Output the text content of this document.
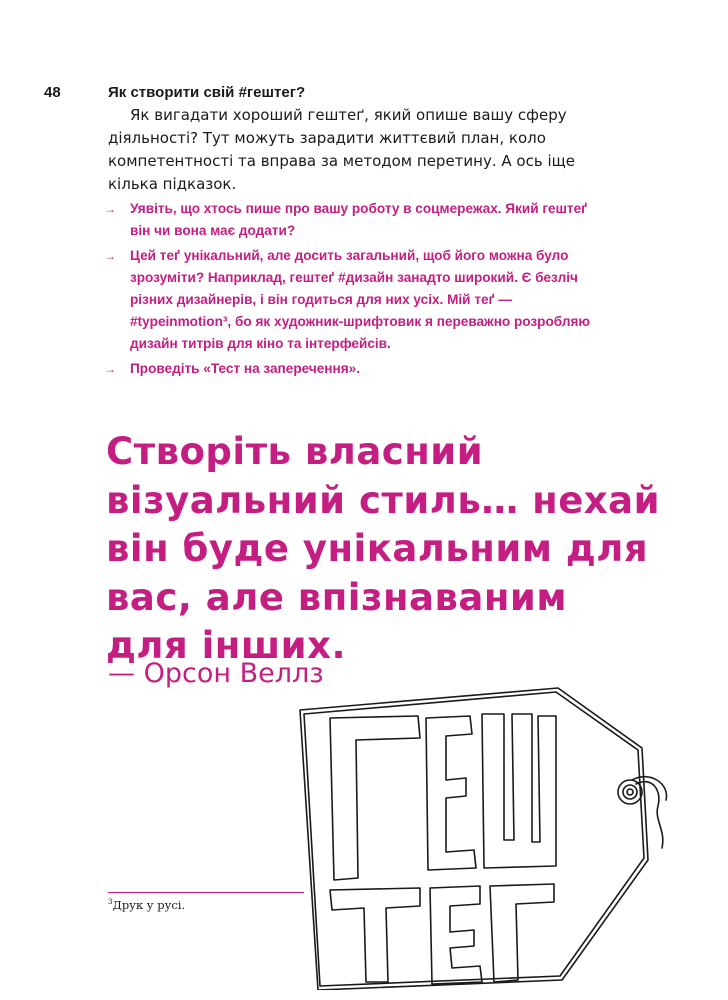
48	Як створити свій #гештег?

Як вигадати хороший гештеґ, який опише вашу сферу діяльності? Тут можуть зарадити життєвий план, коло компетентності та вправа за методом перетину. А ось іще кілька підказок.

→ Уявіть, що хтось пише про вашу роботу в соцмережах. Який гештеґ він чи вона має додати?
→ Цей теґ унікальний, але досить загальний, щоб його можна було зрозуміти? Наприклад, гештеґ #дизайн занадто широкий. Є безліч різних дизайнерів, і він годиться для них усіх. Мій теґ — #typeinmotion³, бо як художник-шрифтовик я переважно розробляю дизайн титрів для кіно та інтерфейсів.
→ Проведіть «Тест на заперечення».
Створіть власний
візуальний стиль… нехай
він буде унікальним для
вас, але впізнаваним
для інших.
— Орсон Веллз
$^3$Друк у русі.
